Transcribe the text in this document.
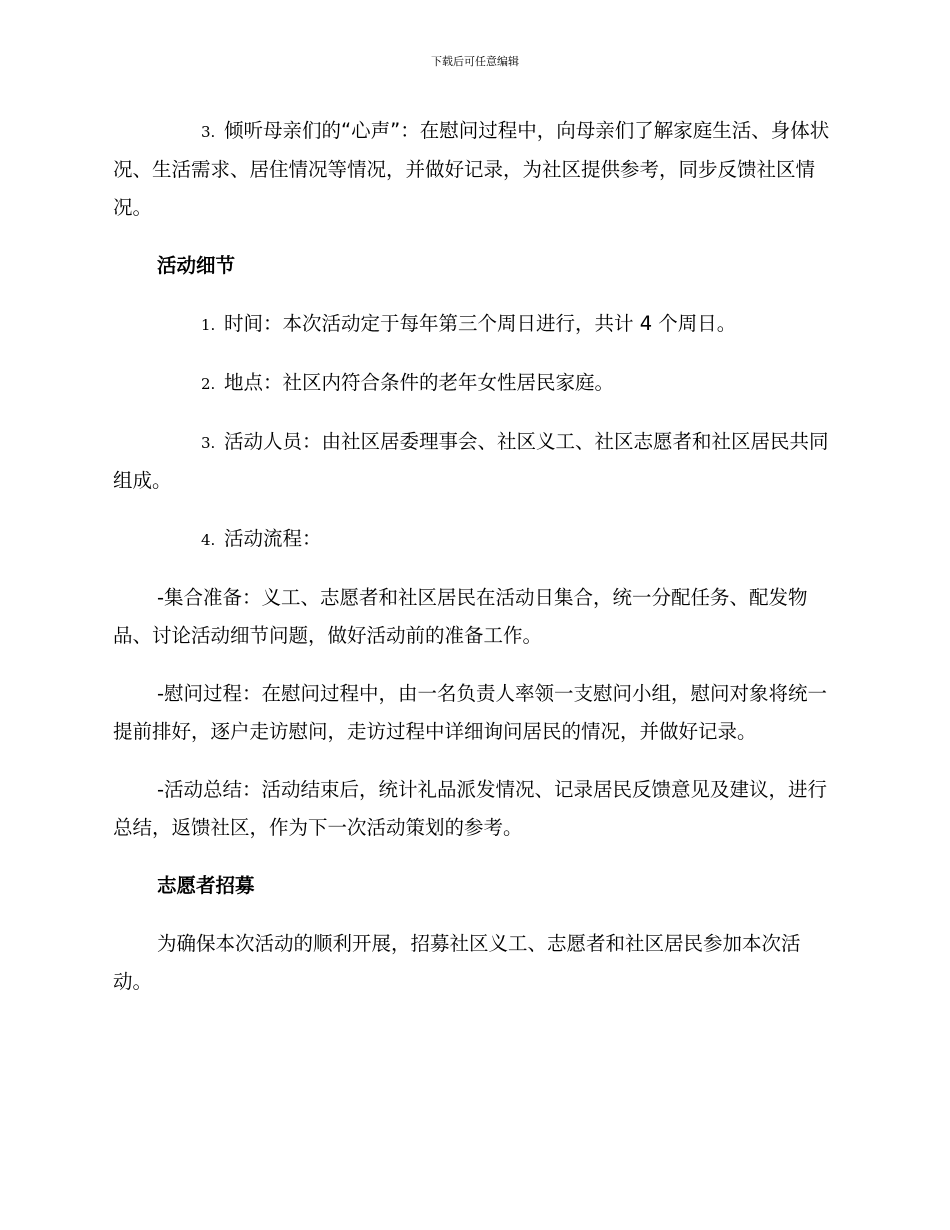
下载后可任意编辑

3. 倾听母亲们的“心声”：在慰问过程中，向母亲们了解家庭生活、身体状况、生活需求、居住情况等情况，并做好记录，为社区提供参考，同步反馈社区情况。

活动细节

1. 时间：本次活动定于每年第三个周日进行，共计 4 个周日。

2. 地点：社区内符合条件的老年女性居民家庭。

3. 活动人员：由社区居委理事会、社区义工、社区志愿者和社区居民共同组成。

4. 活动流程：

-集合准备：义工、志愿者和社区居民在活动日集合，统一分配任务、配发物品、讨论活动细节问题，做好活动前的准备工作。

-慰问过程：在慰问过程中，由一名负责人率领一支慰问小组，慰问对象将统一提前排好，逐户走访慰问，走访过程中详细询问居民的情况，并做好记录。

-活动总结：活动结束后，统计礼品派发情况、记录居民反馈意见及建议，进行总结，返馈社区，作为下一次活动策划的参考。

志愿者招募

为确保本次活动的顺利开展，招募社区义工、志愿者和社区居民参加本次活动。
